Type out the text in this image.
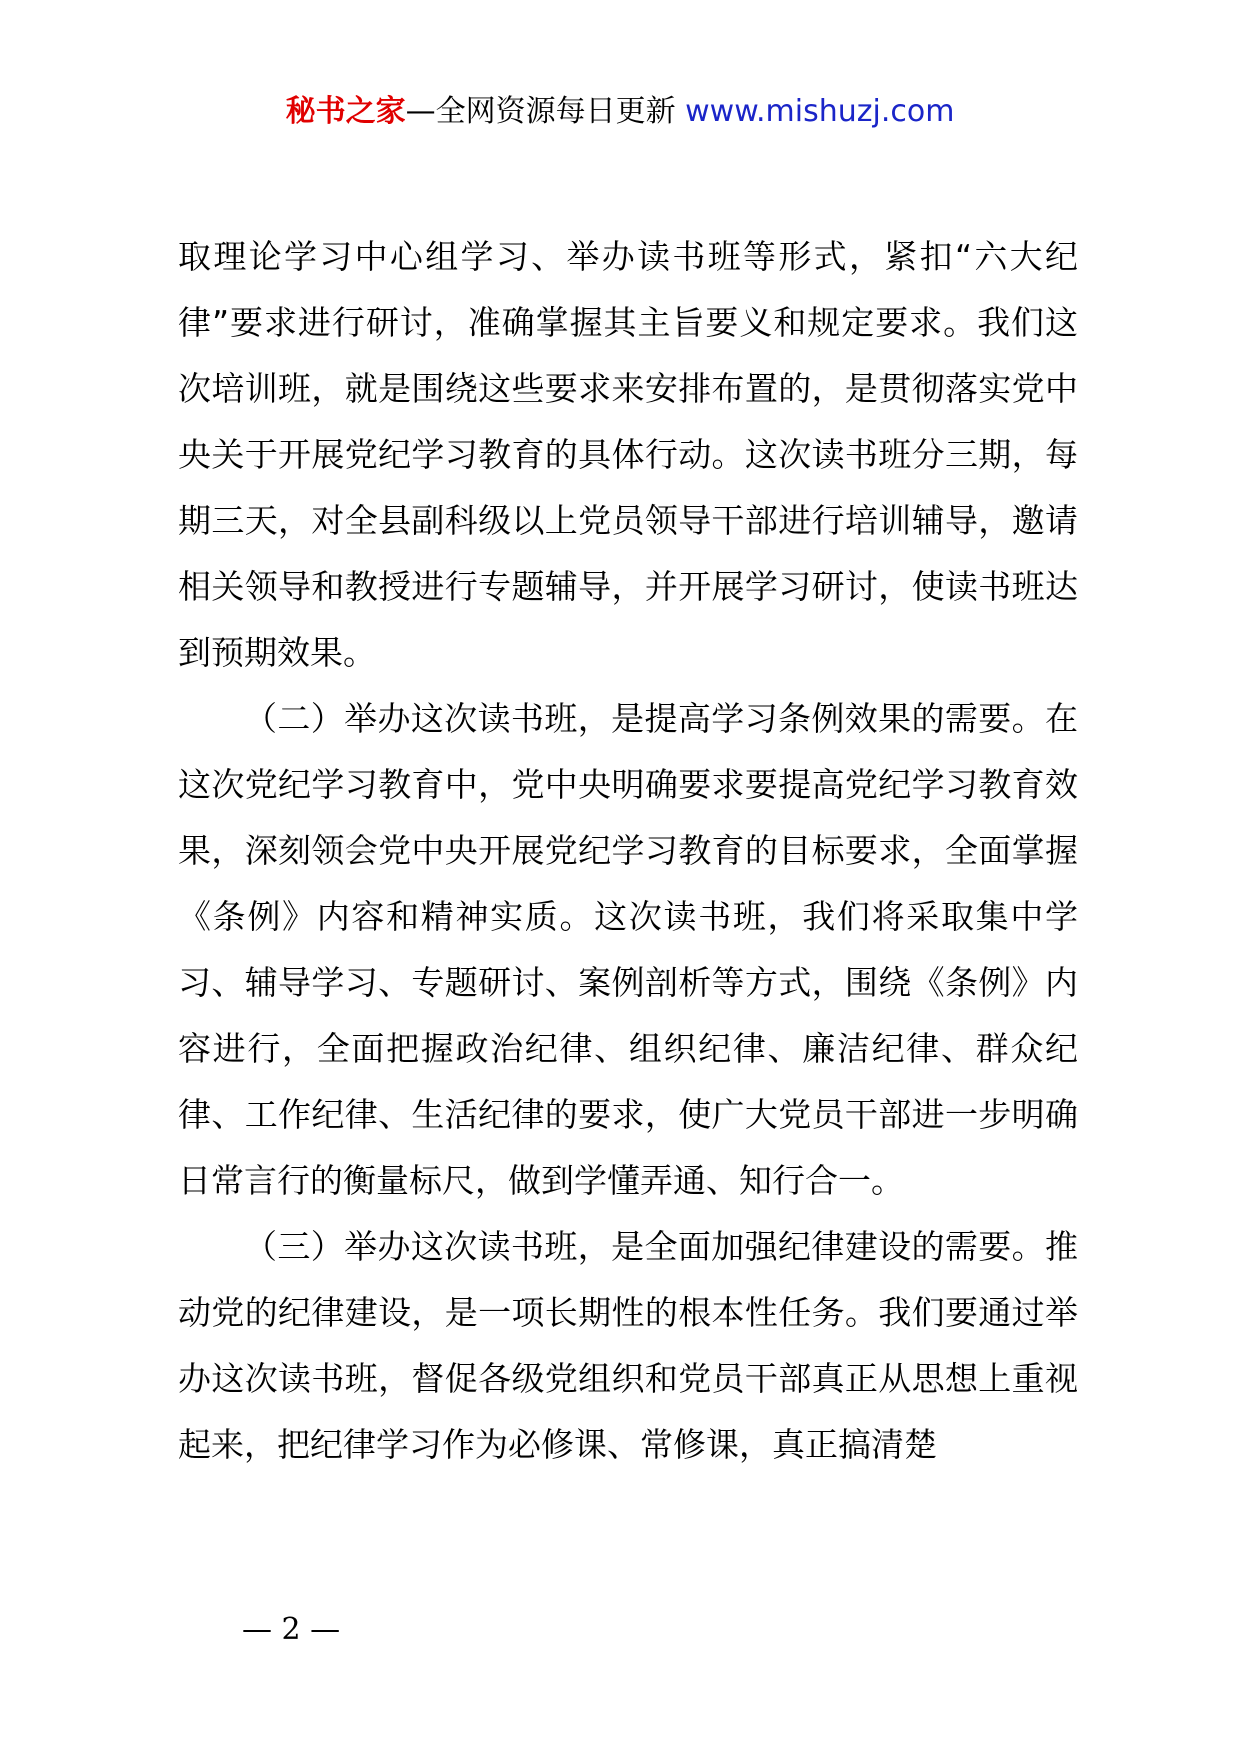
秘书之家—全网资源每日更新 www.mishuzj.com

取理论学习中心组学习、举办读书班等形式，紧扣“六大纪律”要求进行研讨，准确掌握其主旨要义和规定要求。我们这次培训班，就是围绕这些要求来安排布置的，是贯彻落实党中央关于开展党纪学习教育的具体行动。这次读书班分三期，每期三天，对全县副科级以上党员领导干部进行培训辅导，邀请相关领导和教授进行专题辅导，并开展学习研讨，使读书班达到预期效果。

（二）举办这次读书班，是提高学习条例效果的需要。在这次党纪学习教育中，党中央明确要求要提高党纪学习教育效果，深刻领会党中央开展党纪学习教育的目标要求，全面掌握《条例》内容和精神实质。这次读书班，我们将采取集中学习、辅导学习、专题研讨、案例剖析等方式，围绕《条例》内容进行，全面把握政治纪律、组织纪律、廉洁纪律、群众纪律、工作纪律、生活纪律的要求，使广大党员干部进一步明确日常言行的衡量标尺，做到学懂弄通、知行合一。

（三）举办这次读书班，是全面加强纪律建设的需要。推动党的纪律建设，是一项长期性的根本性任务。我们要通过举办这次读书班，督促各级党组织和党员干部真正从思想上重视起来，把纪律学习作为必修课、常修课，真正搞清楚

— 2 —
